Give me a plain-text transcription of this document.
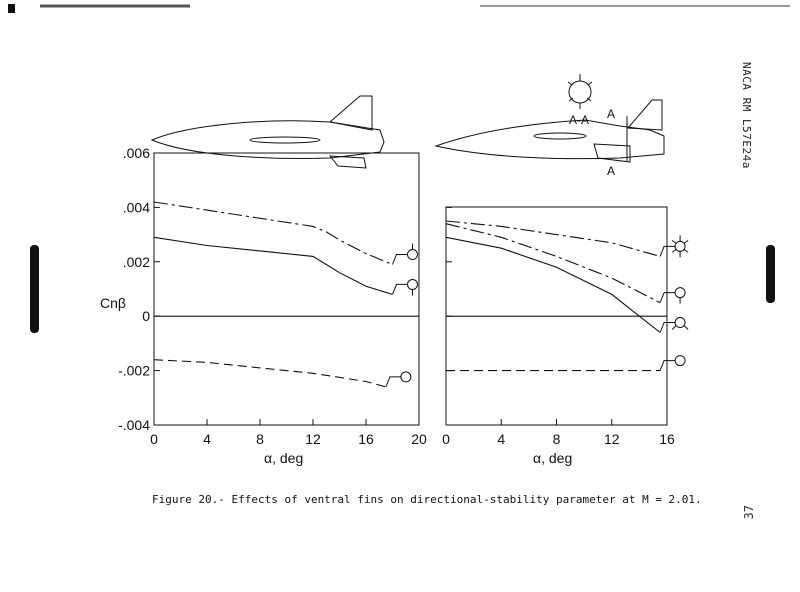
NACA RM L57E24a
37
Figure 20.- Effects of ventral fins on directional-stability parameter at M = 2.01.
A-A A
A
.006
.004
.002
0
-.002
-.004
0	4	8	12	16	20
Cnβ
α, deg
0	4	8	12	16
α, deg
